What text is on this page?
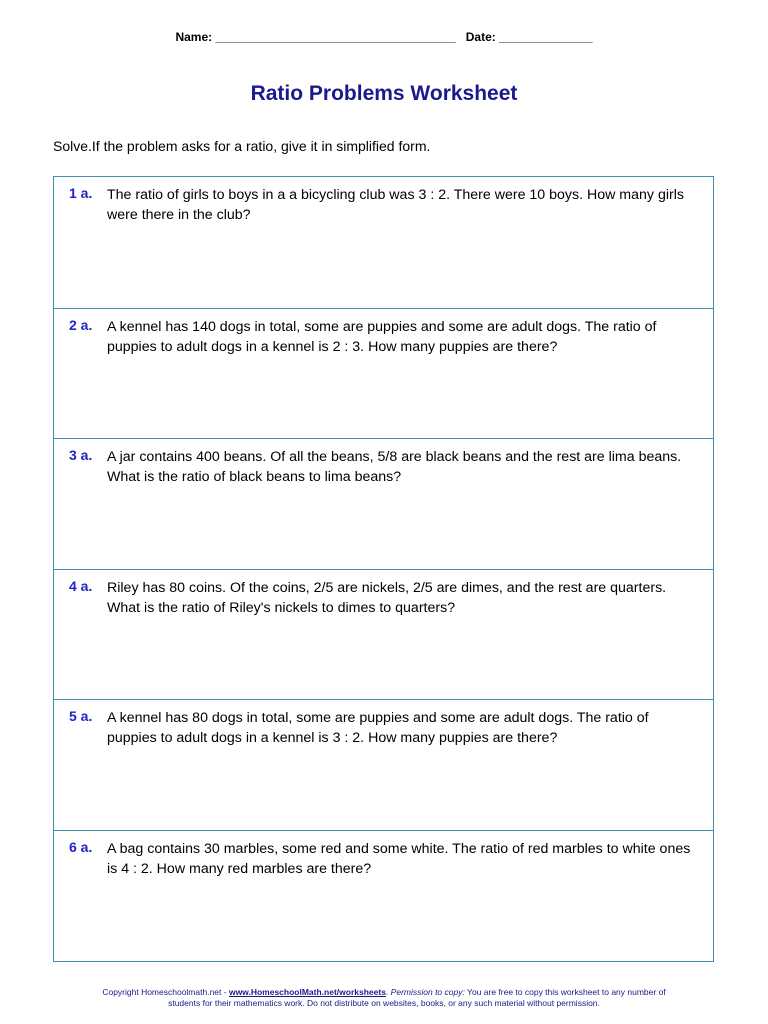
Name: ____________________________________ Date: ______________
Ratio Problems Worksheet
Solve.If the problem asks for a ratio, give it in simplified form.
1 a. The ratio of girls to boys in a a bicycling club was 3 : 2. There were 10 boys. How many girls were there in the club?
2 a. A kennel has 140 dogs in total, some are puppies and some are adult dogs. The ratio of puppies to adult dogs in a kennel is 2 : 3. How many puppies are there?
3 a. A jar contains 400 beans. Of all the beans, 5/8 are black beans and the rest are lima beans. What is the ratio of black beans to lima beans?
4 a. Riley has 80 coins. Of the coins, 2/5 are nickels, 2/5 are dimes, and the rest are quarters. What is the ratio of Riley's nickels to dimes to quarters?
5 a. A kennel has 80 dogs in total, some are puppies and some are adult dogs. The ratio of puppies to adult dogs in a kennel is 3 : 2. How many puppies are there?
6 a. A bag contains 30 marbles, some red and some white. The ratio of red marbles to white ones is 4 : 2. How many red marbles are there?
Copyright Homeschoolmath.net - www.HomeschoolMath.net/worksheets. Permission to copy: You are free to copy this worksheet to any number of students for their mathematics work. Do not distribute on websites, books, or any such material without permission.
